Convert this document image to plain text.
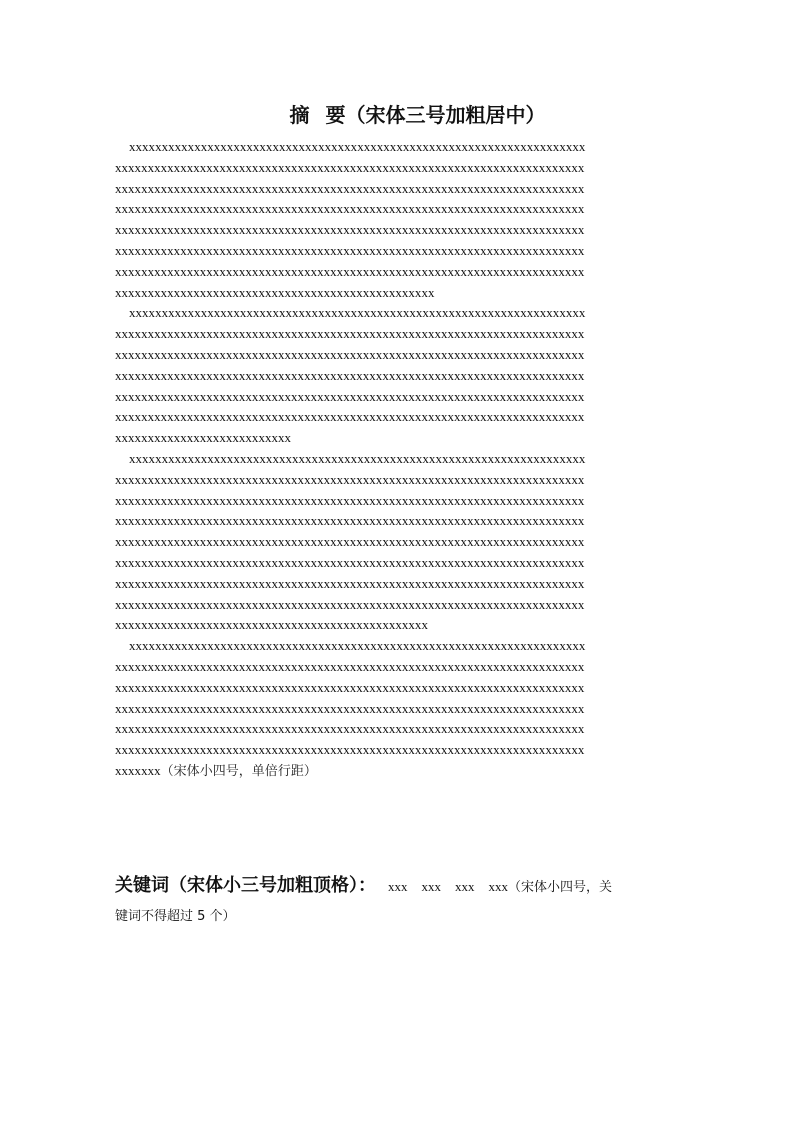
摘 要（宋体三号加粗居中）
xxxxxxxxxxxxxxxxxxxxxxxxxxxxxxxxxxxxxxxxxxxxxxxxxxxxxxxxxxxxxxxxxxxxxx
xxxxxxxxxxxxxxxxxxxxxxxxxxxxxxxxxxxxxxxxxxxxxxxxxxxxxxxxxxxxxxxxxxxxxxxx
xxxxxxxxxxxxxxxxxxxxxxxxxxxxxxxxxxxxxxxxxxxxxxxxxxxxxxxxxxxxxxxxxxxxxxxx
xxxxxxxxxxxxxxxxxxxxxxxxxxxxxxxxxxxxxxxxxxxxxxxxxxxxxxxxxxxxxxxxxxxxxxxx
xxxxxxxxxxxxxxxxxxxxxxxxxxxxxxxxxxxxxxxxxxxxxxxxxxxxxxxxxxxxxxxxxxxxxxxx
xxxxxxxxxxxxxxxxxxxxxxxxxxxxxxxxxxxxxxxxxxxxxxxxxxxxxxxxxxxxxxxxxxxxxxxx
xxxxxxxxxxxxxxxxxxxxxxxxxxxxxxxxxxxxxxxxxxxxxxxxxxxxxxxxxxxxxxxxxxxxxxxx
xxxxxxxxxxxxxxxxxxxxxxxxxxxxxxxxxxxxxxxxxxxxxxxxx
xxxxxxxxxxxxxxxxxxxxxxxxxxxxxxxxxxxxxxxxxxxxxxxxxxxxxxxxxxxxxxxxxxxxxx
xxxxxxxxxxxxxxxxxxxxxxxxxxxxxxxxxxxxxxxxxxxxxxxxxxxxxxxxxxxxxxxxxxxxxxxx
xxxxxxxxxxxxxxxxxxxxxxxxxxxxxxxxxxxxxxxxxxxxxxxxxxxxxxxxxxxxxxxxxxxxxxxx
xxxxxxxxxxxxxxxxxxxxxxxxxxxxxxxxxxxxxxxxxxxxxxxxxxxxxxxxxxxxxxxxxxxxxxxx
xxxxxxxxxxxxxxxxxxxxxxxxxxxxxxxxxxxxxxxxxxxxxxxxxxxxxxxxxxxxxxxxxxxxxxxx
xxxxxxxxxxxxxxxxxxxxxxxxxxxxxxxxxxxxxxxxxxxxxxxxxxxxxxxxxxxxxxxxxxxxxxxx
xxxxxxxxxxxxxxxxxxxxxxxxxxx
xxxxxxxxxxxxxxxxxxxxxxxxxxxxxxxxxxxxxxxxxxxxxxxxxxxxxxxxxxxxxxxxxxxxxx
xxxxxxxxxxxxxxxxxxxxxxxxxxxxxxxxxxxxxxxxxxxxxxxxxxxxxxxxxxxxxxxxxxxxxxxx
xxxxxxxxxxxxxxxxxxxxxxxxxxxxxxxxxxxxxxxxxxxxxxxxxxxxxxxxxxxxxxxxxxxxxxxx
xxxxxxxxxxxxxxxxxxxxxxxxxxxxxxxxxxxxxxxxxxxxxxxxxxxxxxxxxxxxxxxxxxxxxxxx
xxxxxxxxxxxxxxxxxxxxxxxxxxxxxxxxxxxxxxxxxxxxxxxxxxxxxxxxxxxxxxxxxxxxxxxx
xxxxxxxxxxxxxxxxxxxxxxxxxxxxxxxxxxxxxxxxxxxxxxxxxxxxxxxxxxxxxxxxxxxxxxxx
xxxxxxxxxxxxxxxxxxxxxxxxxxxxxxxxxxxxxxxxxxxxxxxxxxxxxxxxxxxxxxxxxxxxxxxx
xxxxxxxxxxxxxxxxxxxxxxxxxxxxxxxxxxxxxxxxxxxxxxxxxxxxxxxxxxxxxxxxxxxxxxxx
xxxxxxxxxxxxxxxxxxxxxxxxxxxxxxxxxxxxxxxxxxxxxxxx
xxxxxxxxxxxxxxxxxxxxxxxxxxxxxxxxxxxxxxxxxxxxxxxxxxxxxxxxxxxxxxxxxxxxxx
xxxxxxxxxxxxxxxxxxxxxxxxxxxxxxxxxxxxxxxxxxxxxxxxxxxxxxxxxxxxxxxxxxxxxxxx
xxxxxxxxxxxxxxxxxxxxxxxxxxxxxxxxxxxxxxxxxxxxxxxxxxxxxxxxxxxxxxxxxxxxxxxx
xxxxxxxxxxxxxxxxxxxxxxxxxxxxxxxxxxxxxxxxxxxxxxxxxxxxxxxxxxxxxxxxxxxxxxxx
xxxxxxxxxxxxxxxxxxxxxxxxxxxxxxxxxxxxxxxxxxxxxxxxxxxxxxxxxxxxxxxxxxxxxxxx
xxxxxxxxxxxxxxxxxxxxxxxxxxxxxxxxxxxxxxxxxxxxxxxxxxxxxxxxxxxxxxxxxxxxxxxx
xxxxxxx（宋体小四号，单倍行距）
关键词（宋体小三号加粗顶格）： xxx xxx xxx xxx（宋体小四号，关
键词不得超过 5 个）
